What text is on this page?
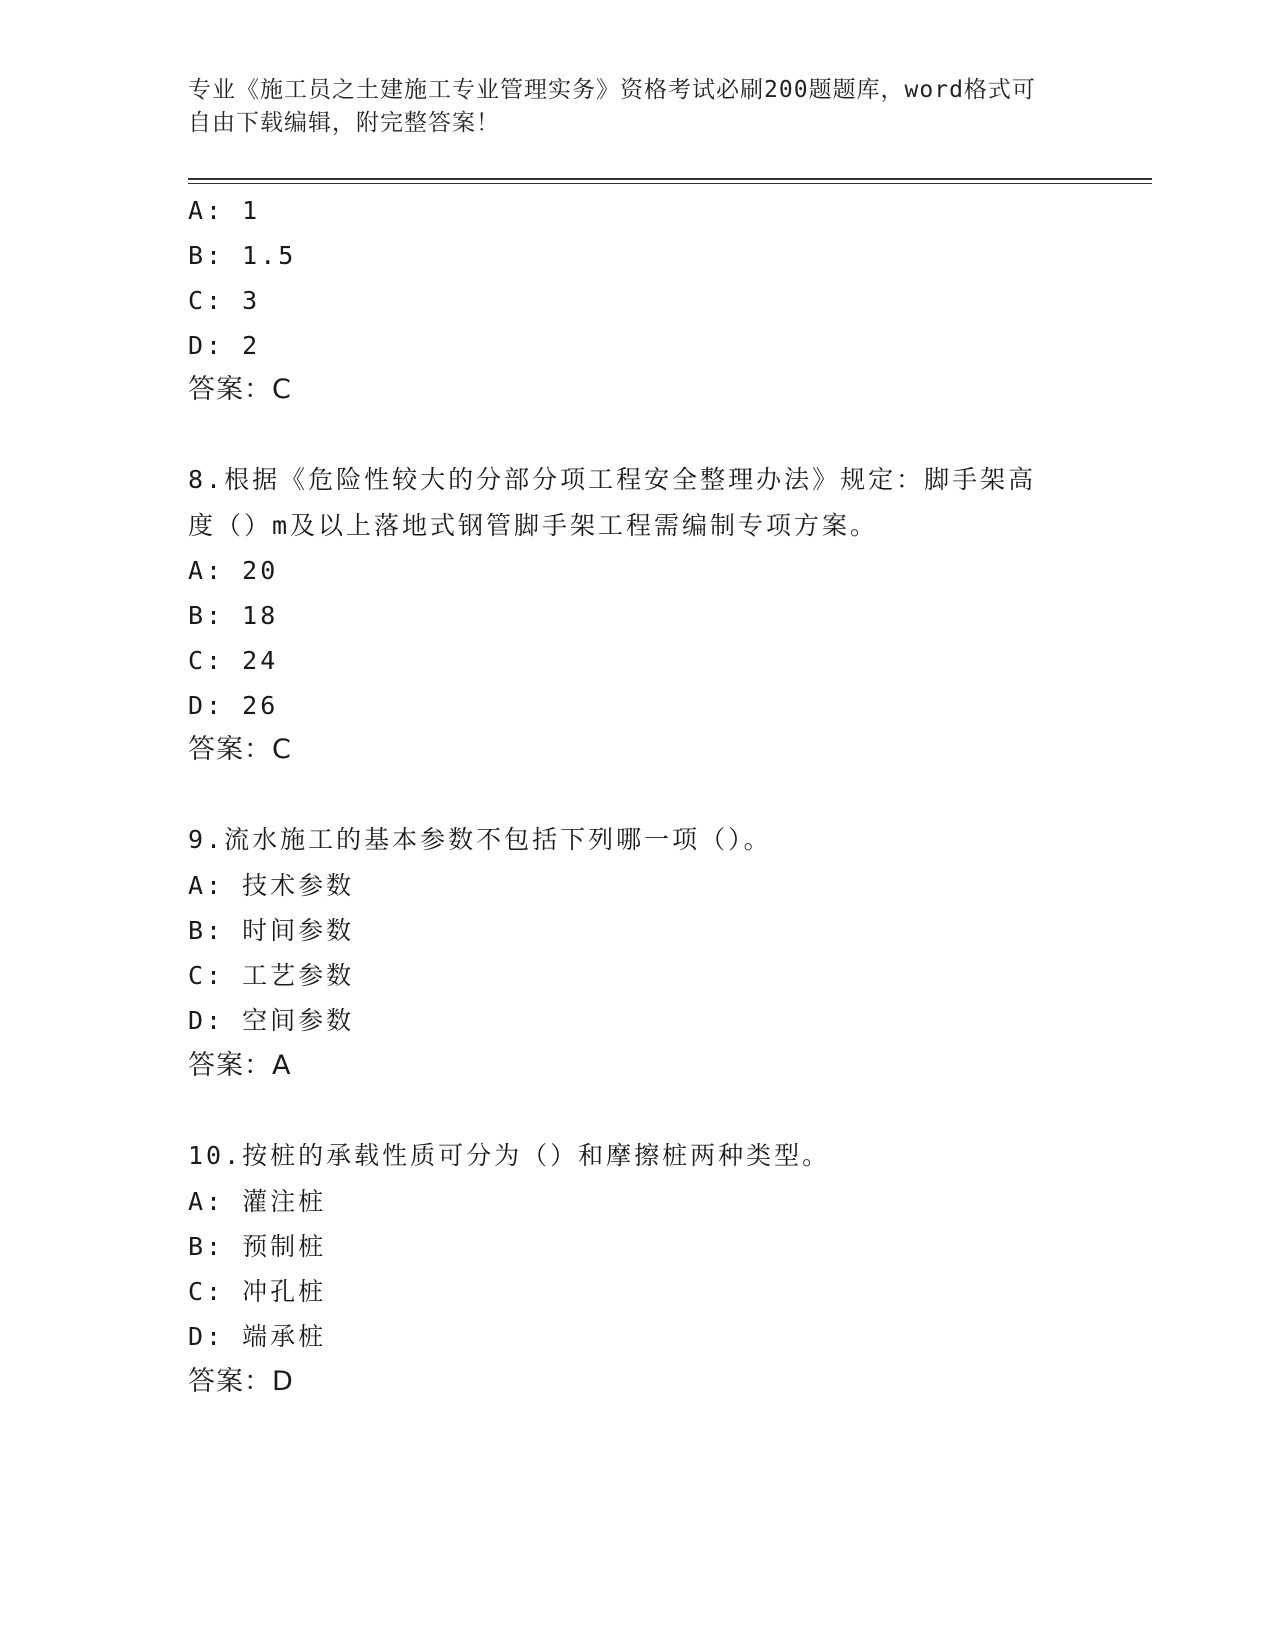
专业《施工员之土建施工专业管理实务》资格考试必刷200题题库，word格式可
自由下载编辑，附完整答案！
A: 1
B: 1.5
C: 3
D: 2
答案：C
8.根据《危险性较大的分部分项工程安全整理办法》规定：脚手架高
度（）m及以上落地式钢管脚手架工程需编制专项方案。
A: 20
B: 18
C: 24
D: 26
答案：C
9.流水施工的基本参数不包括下列哪一项（）。
A: 技术参数
B: 时间参数
C: 工艺参数
D: 空间参数
答案：A
10.按桩的承载性质可分为（）和摩擦桩两种类型。
A: 灌注桩
B: 预制桩
C: 冲孔桩
D: 端承桩
答案：D
